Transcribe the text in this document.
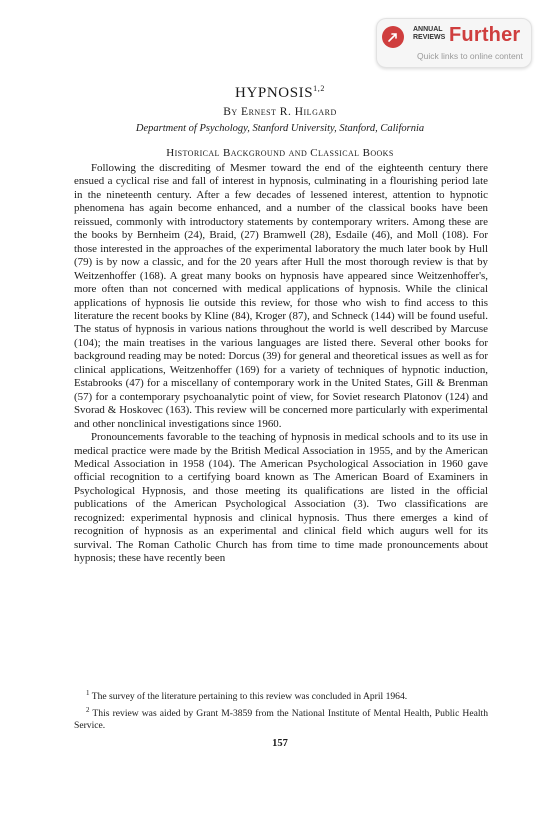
ANNUAL
REVIEWS Further
Quick links to online content
HYPNOSIS$^{1,2}$
By Ernest R. Hilgard
Department of Psychology, Stanford University, Stanford, California
Historical Background and Classical Books

Following the discrediting of Mesmer toward the end of the eighteenth century there ensued a cyclical rise and fall of interest in hypnosis, culminating in a flourishing period late in the nineteenth century. After a few decades of lessened interest, attention to hypnotic phenomena has again become enhanced, and a number of the classical books have been reissued, commonly with introductory statements by contemporary writers. Among these are the books by Bernheim (24), Braid, (27) Bramwell (28), Esdaile (46), and Moll (108). For those interested in the approaches of the experimental laboratory the much later book by Hull (79) is by now a classic, and for the 20 years after Hull the most thorough review is that by Weitzenhoffer (168). A great many books on hypnosis have appeared since Weitzenhoffer's, more often than not concerned with medical applications of hypnosis. While the clinical applications of hypnosis lie outside this review, for those who wish to find access to this literature the recent books by Kline (84), Kroger (87), and Schneck (144) will be found useful. The status of hypnosis in various nations throughout the world is well described by Marcuse (104); the main treatises in the various languages are listed there. Several other books for background reading may be noted: Dorcus (39) for general and theoretical issues as well as for clinical applications, Weitzenhoffer (169) for a variety of techniques of hypnotic induction, Estabrooks (47) for a miscellany of contemporary work in the United States, Gill & Brenman (57) for a contemporary psychoanalytic point of view, for Soviet research Platonov (124) and Svorad & Hoskovec (163). This review will be concerned more particularly with experimental and other nonclinical investigations since 1960.

Pronouncements favorable to the teaching of hypnosis in medical schools and to its use in medical practice were made by the British Medical Association in 1955, and by the American Medical Association in 1958 (104). The American Psychological Association in 1960 gave official recognition to a certifying board known as The American Board of Examiners in Psychological Hypnosis, and those meeting its qualifications are listed in the official publications of the American Psychological Association (3). Two classifications are recognized: experimental hypnosis and clinical hypnosis. Thus there emerges a kind of recognition of hypnosis as an experimental and clinical field which augurs well for its survival. The Roman Catholic Church has from time to time made pronouncements about hypnosis; these have recently been

$^1$ The survey of the literature pertaining to this review was concluded in April 1964.

$^2$ This review was aided by Grant M-3859 from the National Institute of Mental Health, Public Health Service.

157
